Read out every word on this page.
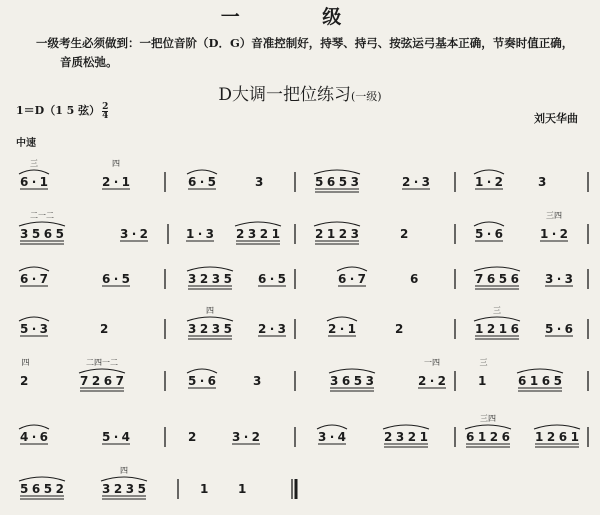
一 级
一级考生必须做到：一把位音阶（D．G）音准控制好，持琴、持弓、按弦运弓基本正确，节奏时值正确，音质松弛。
D大调一把位练习(一级)
1＝D（1 5 弦） $\frac{2}{4}$	刘天华曲
中速
6·1
三
2·1
四
6·5	3	5653	2·3	1·2	3
3565
二一二
3·2	1·3 2321	2123	2	5·6	1·2
三四
6·7	6·5	3235 6·5	6·7	6	7656 3·3
5·3	2	3235
四
2·3	2·1	2	1216
三
5·6
2
四
7267
二四一二
5·6	3	3653	2·2
一四
1
三
6165
4·6	5·4	2	3·2	3·4	2321	6126
三四
1261
5652	3235
四
1 1
